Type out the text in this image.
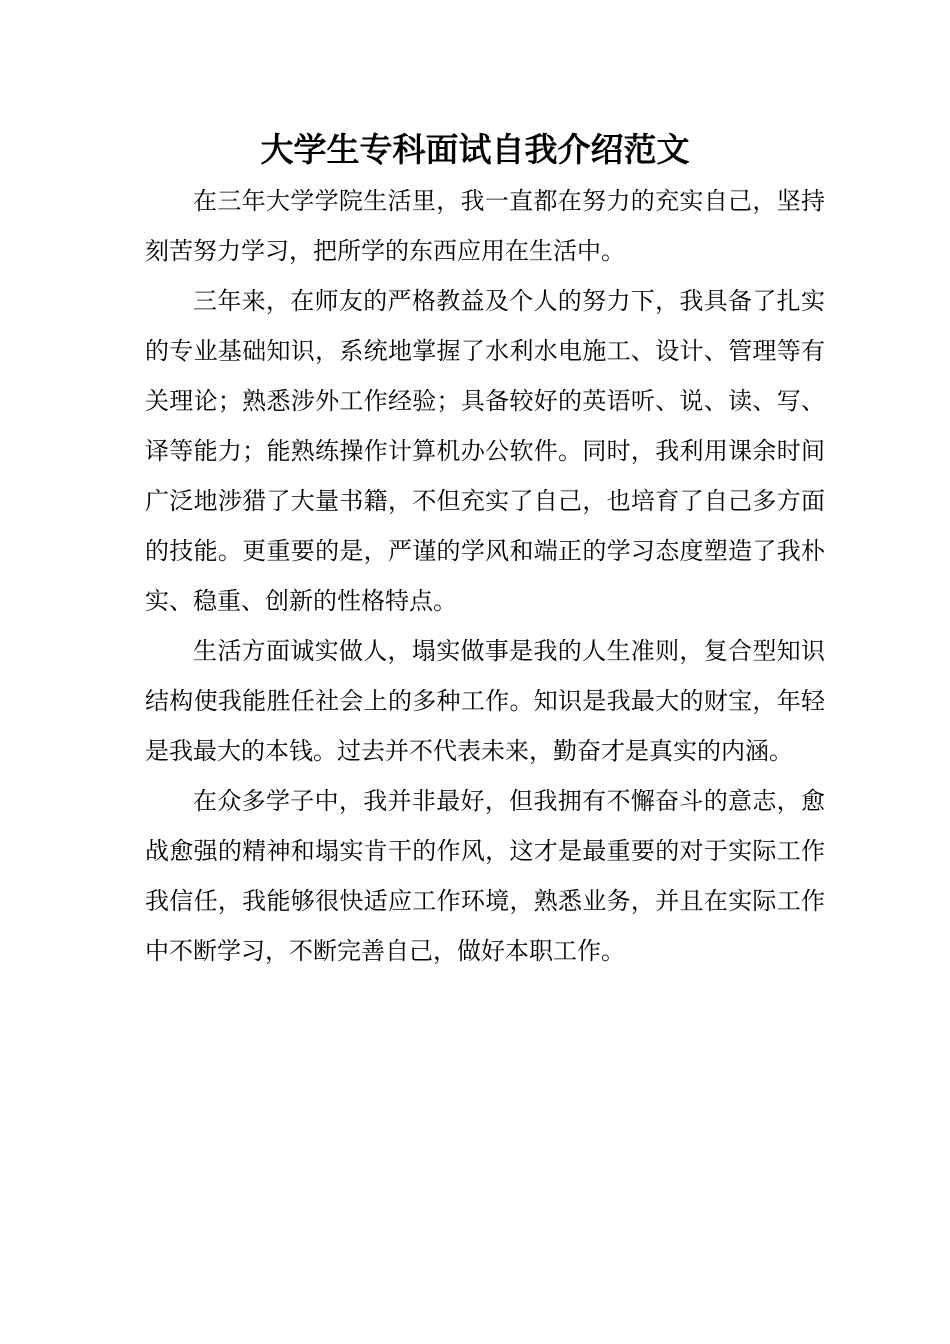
大学生专科面试自我介绍范文

在三年大学学院生活里，我一直都在努力的充实自己，坚持刻苦努力学习，把所学的东西应用在生活中。

三年来，在师友的严格教益及个人的努力下，我具备了扎实的专业基础知识，系统地掌握了水利水电施工、设计、管理等有关理论；熟悉涉外工作经验；具备较好的英语听、说、读、写、译等能力；能熟练操作计算机办公软件。同时，我利用课余时间广泛地涉猎了大量书籍，不但充实了自己，也培育了自己多方面的技能。更重要的是，严谨的学风和端正的学习态度塑造了我朴实、稳重、创新的性格特点。

生活方面诚实做人，塌实做事是我的人生准则，复合型知识结构使我能胜任社会上的多种工作。知识是我最大的财宝，年轻是我最大的本钱。过去并不代表未来，勤奋才是真实的内涵。

在众多学子中，我并非最好，但我拥有不懈奋斗的意志，愈战愈强的精神和塌实肯干的作风，这才是最重要的对于实际工作我信任，我能够很快适应工作环境，熟悉业务，并且在实际工作中不断学习，不断完善自己，做好本职工作。
